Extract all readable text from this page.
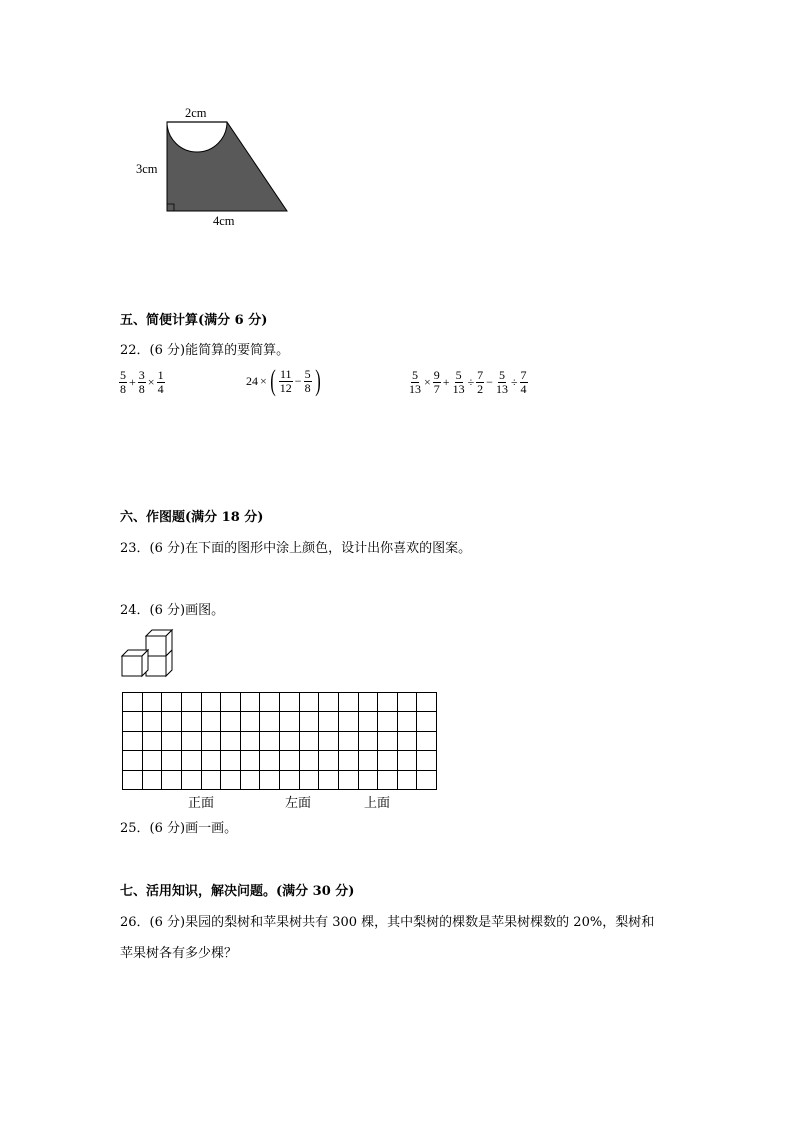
2cm
3cm
4cm
五、简便计算(满分 6 分)
22．(6 分)能简算的要简算。
$\frac{5}{8} + \frac{3}{8} \times \frac{1}{4}$	24 × ( $\frac{11}{12} - \frac{5}{8}$ )	$\frac{5}{13} \times \frac{9}{7} + \frac{5}{13} \div \frac{7}{2} - \frac{5}{13} \div \frac{7}{4}$
六、作图题(满分 18 分)
23．(6 分)在下面的图形中涂上颜色，设计出你喜欢的图案。
24．(6 分)画图。
正面	左面	上面
25．(6 分)画一画。
七、活用知识，解决问题。(满分 30 分)
26．(6 分)果园的梨树和苹果树共有 300 棵，其中梨树的棵数是苹果树棵数的 20%，梨树和
苹果树各有多少棵？
